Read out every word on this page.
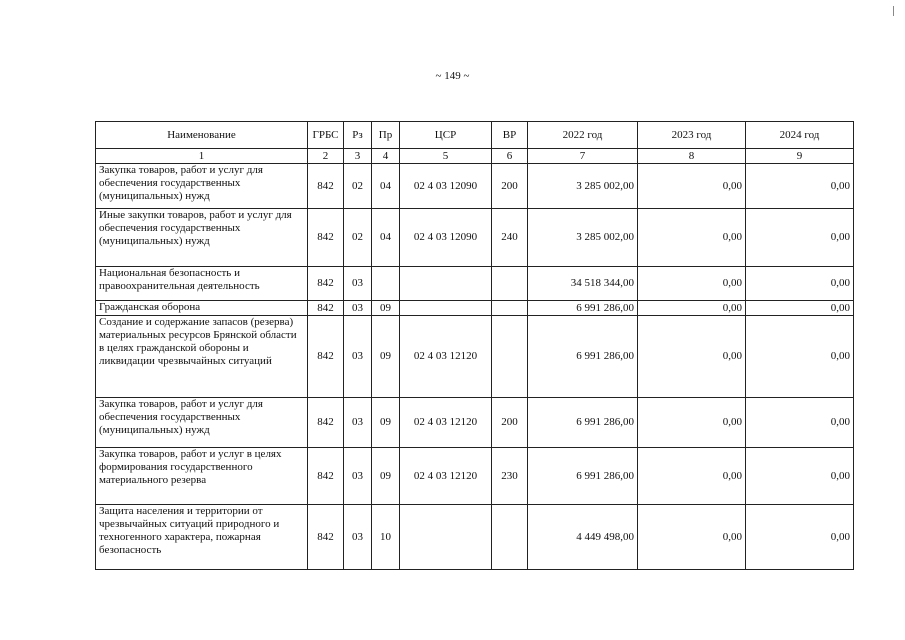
~ 149 ~
Наименование	ГРБС	Рз	Пр	ЦСР	ВР	2022 год	2023 год	2024 год
1	2	3	4	5	6	7	8	9
Закупка товаров, работ и услуг для обеспечения государственных (муниципальных) нужд	842	02	04	02 4 03 12090	200	3 285 002,00	0,00	0,00
Иные закупки товаров, работ и услуг для обеспечения государственных (муниципальных) нужд	842	02	04	02 4 03 12090	240	3 285 002,00	0,00	0,00
Национальная безопасность и правоохранительная деятельность	842	03				34 518 344,00	0,00	0,00
Гражданская оборона	842	03	09			6 991 286,00	0,00	0,00
Создание и содержание запасов (резерва) материальных ресурсов Брянской области в целях гражданской обороны и ликвидации чрезвычайных ситуаций	842	03	09	02 4 03 12120		6 991 286,00	0,00	0,00
Закупка товаров, работ и услуг для обеспечения государственных (муниципальных) нужд	842	03	09	02 4 03 12120	200	6 991 286,00	0,00	0,00
Закупка товаров, работ и услуг в целях формирования государственного материального резерва	842	03	09	02 4 03 12120	230	6 991 286,00	0,00	0,00
Защита населения и территории от чрезвычайных ситуаций природного и техногенного характера, пожарная безопасность	842	03	10			4 449 498,00	0,00	0,00
